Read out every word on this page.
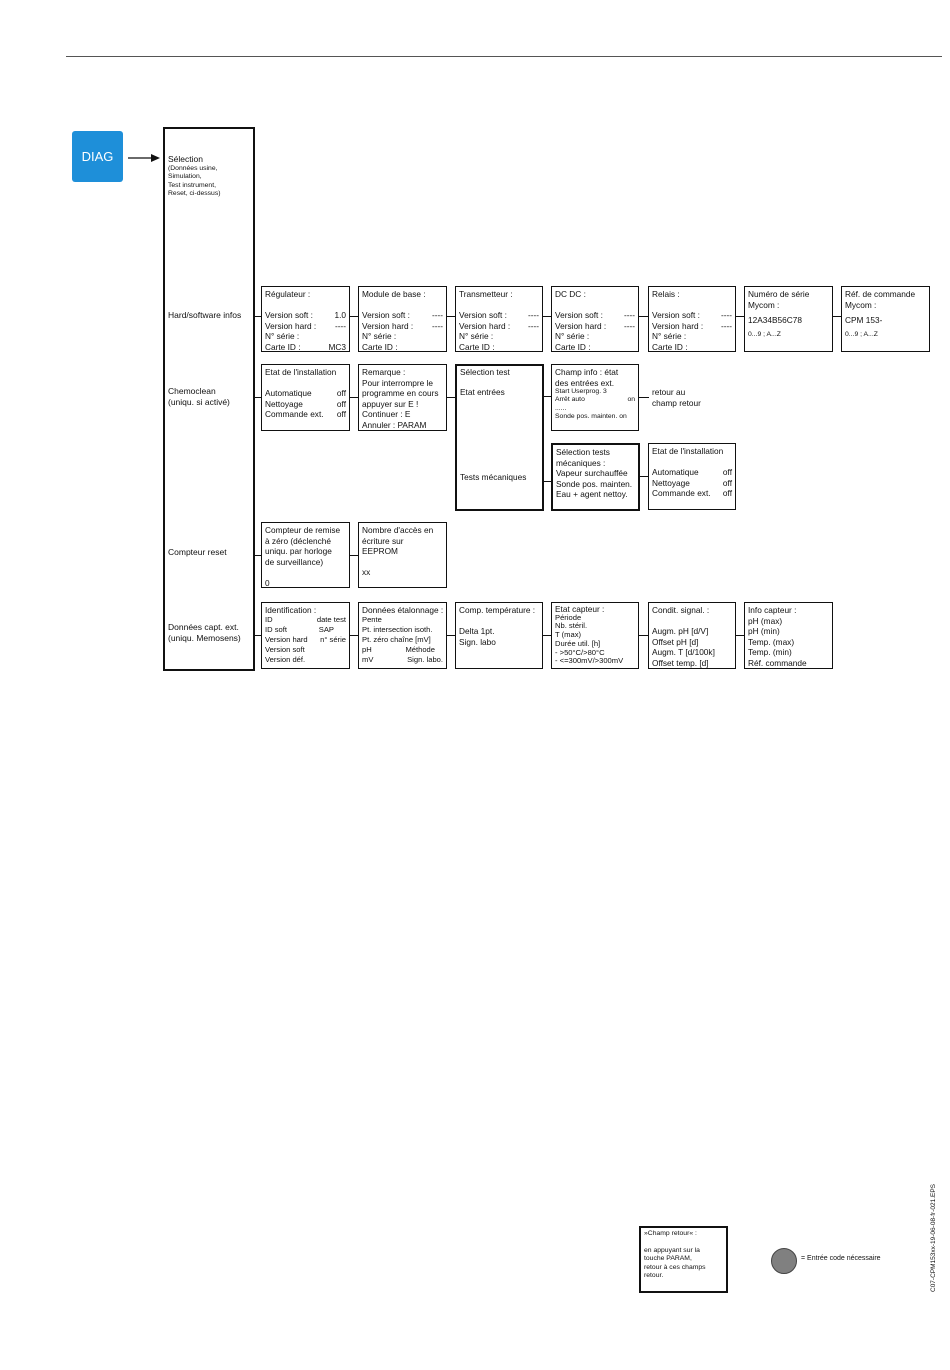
DIAG	Sélection
(Données usine,
Simulation,
Test instrument,
Reset, ci-dessus)
Hard/software infos
Chemoclean
(uniqu. si activé)
Compteur reset
Données capt. ext.
(uniqu. Memosens)
Régulateur :
Version soft :	1.0
Version hard : ----
N° série :
Carte ID :	MC3
Module de base :
Version soft :	----
Version hard : ----
N° série :
Carte ID :
Transmetteur :
Version soft :	----
Version hard : ----
N° série :
Carte ID :
DC DC :
Version soft :	----
Version hard : ----
N° série :
Carte ID :
Relais :
Version soft :	----
Version hard : ----
N° série :
Carte ID :
Numéro de série
Mycom :
12A34B56C78
0...9 ; A...Z
Réf. de commande
Mycom :
CPM 153-
0...9 ; A...Z
Etat de l'installation
Automatique	off
Nettoyage	off
Commande ext. off
Remarque :
Pour interrompre le
programme en cours
appuyer sur E !
Continuer : E
Annuler : PARAM
Sélection test
Etat entrées
Tests mécaniques
Champ info : état
des entrées ext.
Start Userprog. 3
Arrêt auto	on
......
Sonde pos. mainten. on
retour au
champ retour
Sélection tests
mécaniques :
Vapeur surchauffée
Sonde pos. mainten.
Eau + agent nettoy.
Etat de l'installation
Automatique	off
Nettoyage	off
Commande ext. off
Compteur de remise
à zéro (déclenché
uniqu. par horloge
de surveillance)
0
Nombre d'accès en
écriture sur
EEPROM
xx
Identification :
ID	date test
ID soft	SAP
Version hard n° série
Version soft
Version déf.
Données étalonnage :
Pente
Pt. intersection isoth.
Pt. zéro chaîne [mV]
pH	Méthode
mV	Sign. labo.
Comp. température :
Delta 1pt.
Sign. labo
Etat capteur :
Période
Nb. stéril.
T (max)
Durée util. [h]
- >50°C/>80°C
- <=300mV/>300mV
Condit. signal. :
Augm. pH [d/V]
Offset pH [d]
Augm. T [d/100k]
Offset temp. [d]
Info capteur :
pH (max)
pH (min)
Temp. (max)
Temp. (min)
Réf. commande
»Champ retour« :
en appuyant sur la
touche PARAM,
retour à ces champs
retour.
= Entrée code nécessaire	C07-CPM153xx-19-06-08-fr-021.EPS
